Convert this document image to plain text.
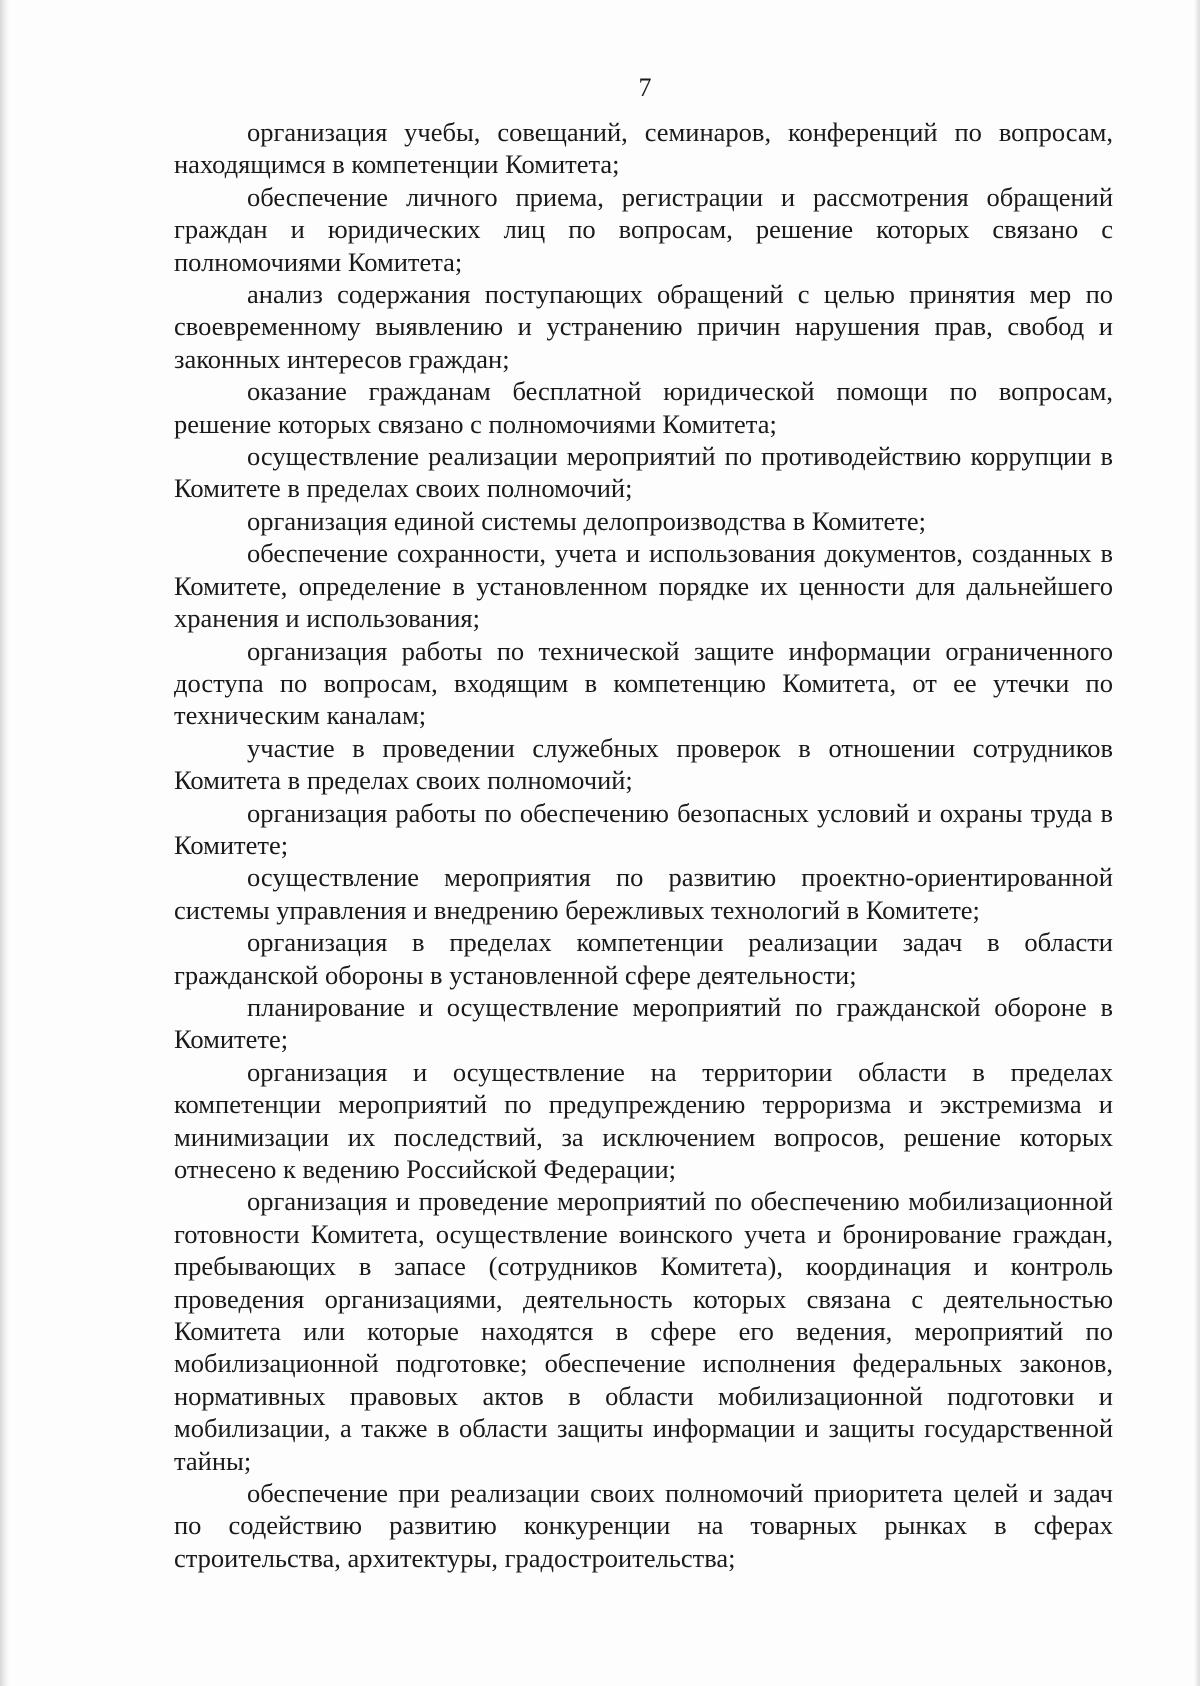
7

организация учебы, совещаний, семинаров, конференций по вопросам, находящимся в компетенции Комитета;

обеспечение личного приема, регистрации и рассмотрения обращений граждан и юридических лиц по вопросам, решение которых связано с полномочиями Комитета;

анализ содержания поступающих обращений с целью принятия мер по своевременному выявлению и устранению причин нарушения прав, свобод и законных интересов граждан;

оказание гражданам бесплатной юридической помощи по вопросам, решение которых связано с полномочиями Комитета;

осуществление реализации мероприятий по противодействию коррупции в Комитете в пределах своих полномочий;

организация единой системы делопроизводства в Комитете;

обеспечение сохранности, учета и использования документов, созданных в Комитете, определение в установленном порядке их ценности для дальнейшего хранения и использования;

организация работы по технической защите информации ограниченного доступа по вопросам, входящим в компетенцию Комитета, от ее утечки по техническим каналам;

участие в проведении служебных проверок в отношении сотрудников Комитета в пределах своих полномочий;

организация работы по обеспечению безопасных условий и охраны труда в Комитете;

осуществление мероприятия по развитию проектно-ориентированной системы управления и внедрению бережливых технологий в Комитете;

организация в пределах компетенции реализации задач в области гражданской обороны в установленной сфере деятельности;

планирование и осуществление мероприятий по гражданской обороне в Комитете;

организация и осуществление на территории области в пределах компетенции мероприятий по предупреждению терроризма и экстремизма и минимизации их последствий, за исключением вопросов, решение которых отнесено к ведению Российской Федерации;

организация и проведение мероприятий по обеспечению мобилизационной готовности Комитета, осуществление воинского учета и бронирование граждан, пребывающих в запасе (сотрудников Комитета), координация и контроль проведения организациями, деятельность которых связана с деятельностью Комитета или которые находятся в сфере его ведения, мероприятий по мобилизационной подготовке; обеспечение исполнения федеральных законов, нормативных правовых актов в области мобилизационной подготовки и мобилизации, а также в области защиты информации и защиты государственной тайны;

обеспечение при реализации своих полномочий приоритета целей и задач по содействию развитию конкуренции на товарных рынках в сферах строительства, архитектуры, градостроительства;
